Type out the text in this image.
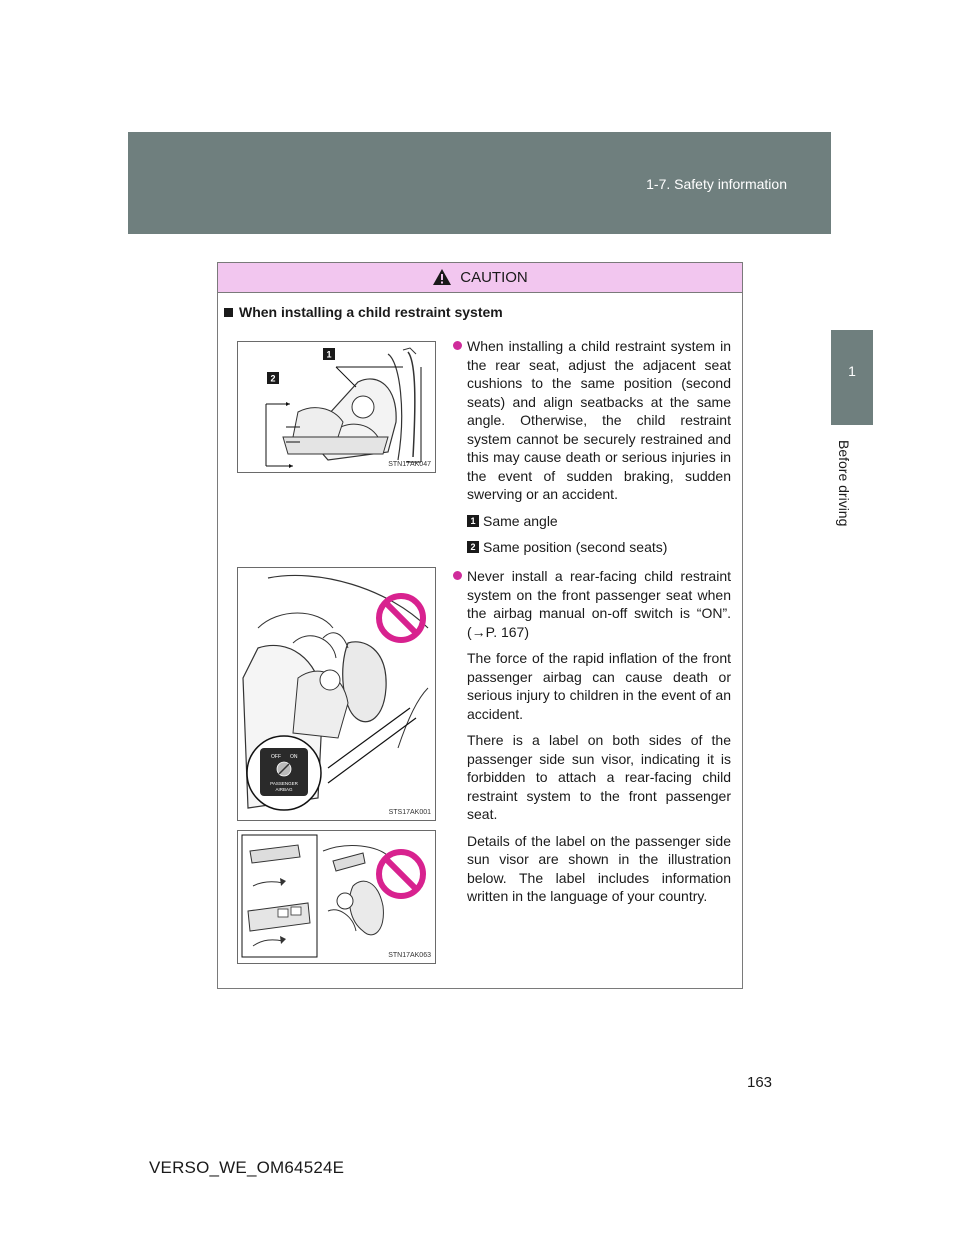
1-7. Safety information
1
Before driving
CAUTION
When installing a child restraint system
1
2
STN17AK047
OFF ON
PASSENGER
AIRBAG
STS17AK001
STN17AK063

When installing a child restraint system in the rear seat, adjust the adjacent seat cushions to the same position (second seats) and align seatbacks at the same angle. Otherwise, the child restraint system cannot be securely restrained and this may cause death or serious injuries in the event of sudden braking, sudden swerving or an accident.

1 Same angle
2 Same position (second seats)

Never install a rear-facing child restraint system on the front passenger seat when the airbag manual on-off switch is “ON”. (→P. 167)

The force of the rapid inflation of the front passenger airbag can cause death or serious injury to children in the event of an accident.

There is a label on both sides of the passenger side sun visor, indicating it is forbidden to attach a rear-facing child restraint system to the front passenger seat.

Details of the label on the passenger side sun visor are shown in the illustration below. The label includes information written in the language of your country.

163
VERSO_WE_OM64524E
